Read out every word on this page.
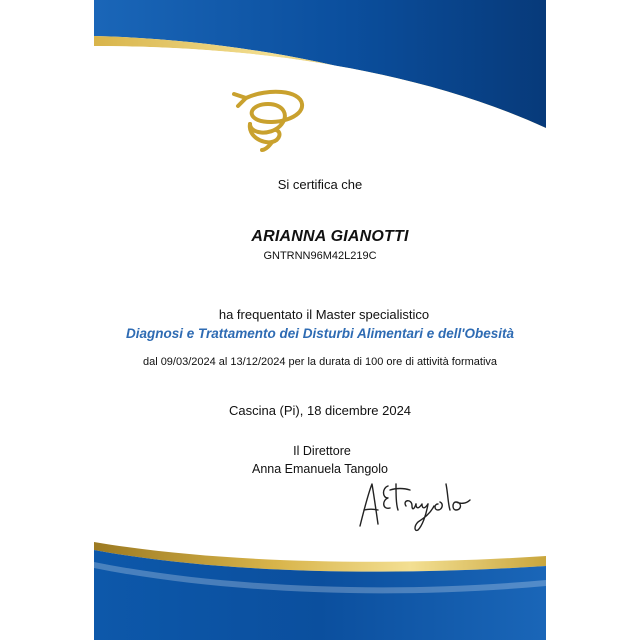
Si certifica che
ARIANNA GIANOTTI
GNTRNN96M42L219C
ha frequentato il Master specialistico
Diagnosi e Trattamento dei Disturbi Alimentari e dell'Obesità
dal 09/03/2024 al 13/12/2024 per la durata di 100 ore di attività formativa
Cascina (Pi), 18 dicembre 2024
Il Direttore
Anna Emanuela Tangolo
